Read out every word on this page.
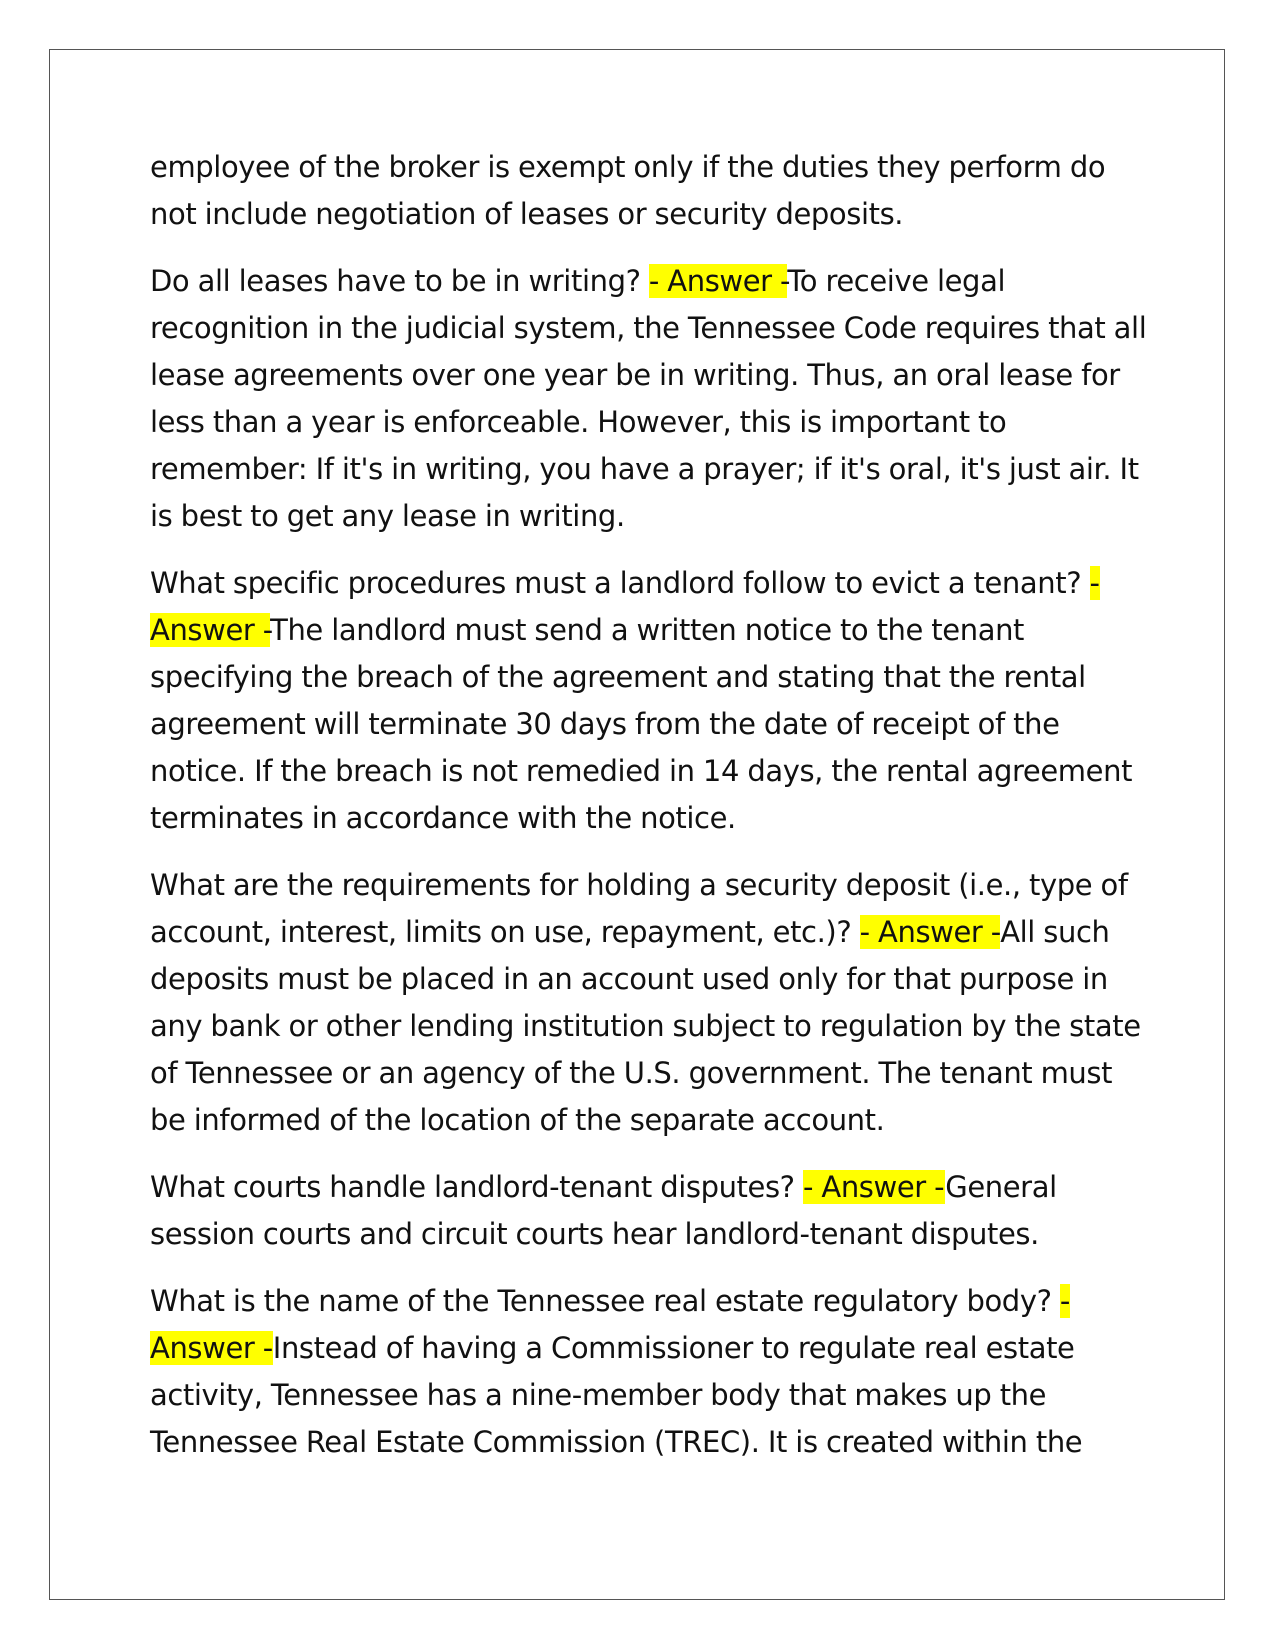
employee of the broker is exempt only if the duties they perform do not include negotiation of leases or security deposits.

Do all leases have to be in writing? - Answer -To receive legal recognition in the judicial system, the Tennessee Code requires that all lease agreements over one year be in writing. Thus, an oral lease for less than a year is enforceable. However, this is important to remember: If it's in writing, you have a prayer; if it's oral, it's just air. It is best to get any lease in writing.

What specific procedures must a landlord follow to evict a tenant? - Answer -The landlord must send a written notice to the tenant specifying the breach of the agreement and stating that the rental agreement will terminate 30 days from the date of receipt of the notice. If the breach is not remedied in 14 days, the rental agreement terminates in accordance with the notice.

What are the requirements for holding a security deposit (i.e., type of account, interest, limits on use, repayment, etc.)? - Answer -All such deposits must be placed in an account used only for that purpose in any bank or other lending institution subject to regulation by the state of Tennessee or an agency of the U.S. government. The tenant must be informed of the location of the separate account.

What courts handle landlord-tenant disputes? - Answer -General session courts and circuit courts hear landlord-tenant disputes.

What is the name of the Tennessee real estate regulatory body? - Answer -Instead of having a Commissioner to regulate real estate activity, Tennessee has a nine-member body that makes up the Tennessee Real Estate Commission (TREC). It is created within the
